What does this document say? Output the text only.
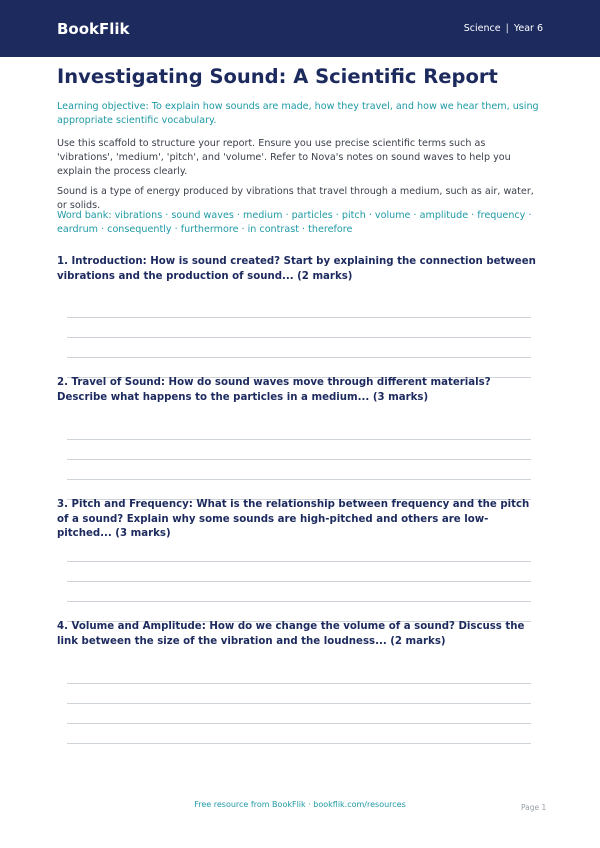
BookFlik	Science | Year 6
Investigating Sound: A Scientific Report

Learning objective: To explain how sounds are made, how they travel, and how we hear them, using appropriate scientific vocabulary.

Use this scaffold to structure your report. Ensure you use precise scientific terms such as 'vibrations', 'medium', 'pitch', and 'volume'. Refer to Nova's notes on sound waves to help you explain the process clearly.

Sound is a type of energy produced by vibrations that travel through a medium, such as air, water, or solids.

Word bank: vibrations · sound waves · medium · particles · pitch · volume · amplitude · frequency · eardrum · consequently · furthermore · in contrast · therefore

1. Introduction: How is sound created? Start by explaining the connection between vibrations and the production of sound... (2 marks)

2. Travel of Sound: How do sound waves move through different materials? Describe what happens to the particles in a medium... (3 marks)

3. Pitch and Frequency: What is the relationship between frequency and the pitch of a sound? Explain why some sounds are high-pitched and others are low-pitched... (3 marks)

4. Volume and Amplitude: How do we change the volume of a sound? Discuss the link between the size of the vibration and the loudness... (2 marks)

Free resource from BookFlik · bookflik.com/resources	Page 1
